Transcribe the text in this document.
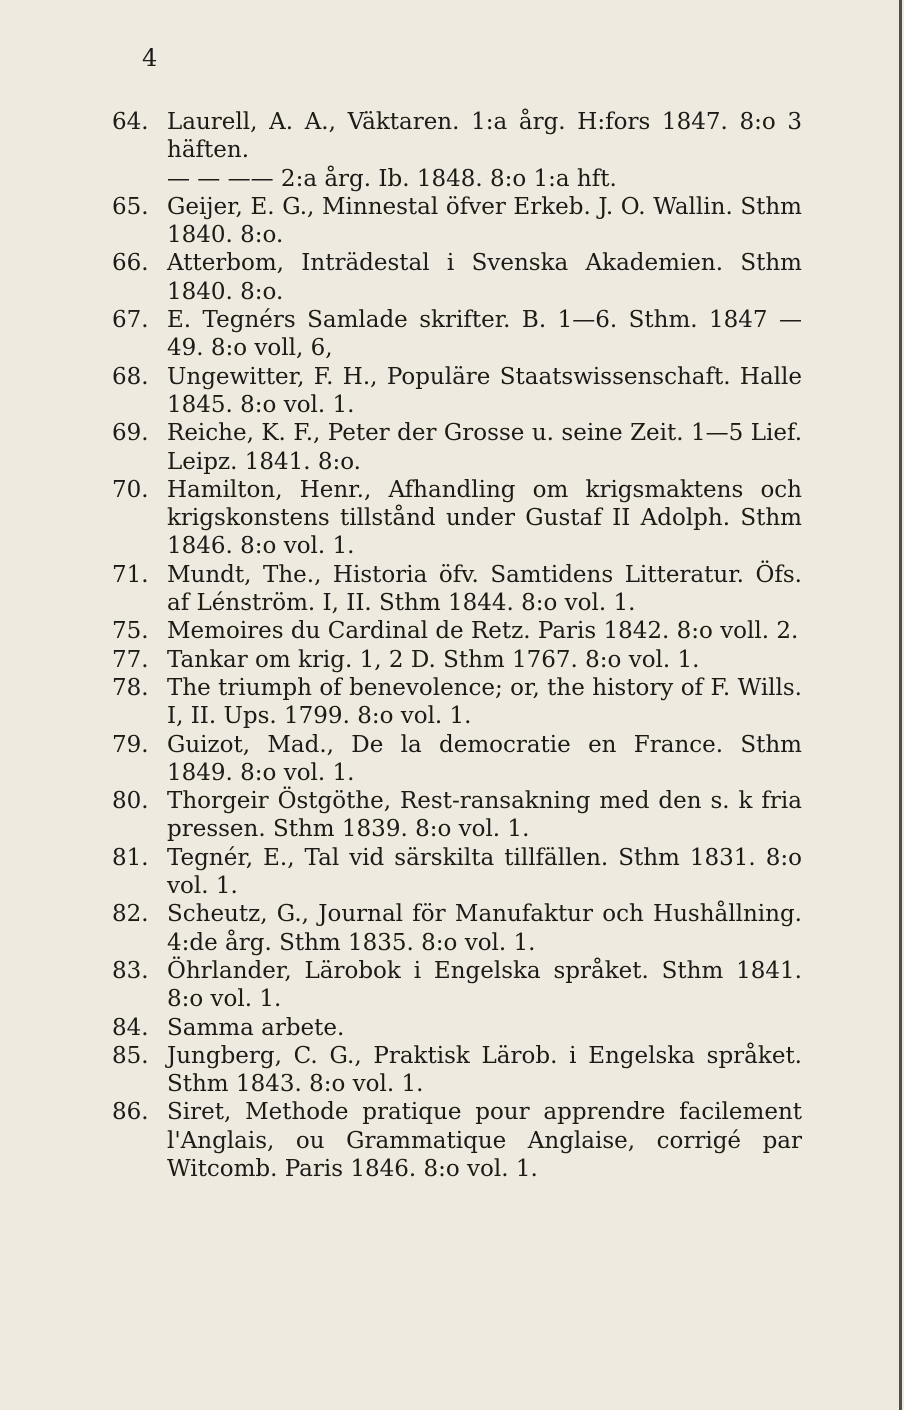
4
64. Laurell, A. A., Väktaren. 1:a årg. H:fors 1847. 8:o 3 häften.
— — —— 2:a årg. Ib. 1848. 8:o 1:a hft.
65. Geijer, E. G., Minnestal öfver Erkeb. J. O. Wallin. Sthm 1840. 8:o.
66. Atterbom, Inträdestal i Svenska Akademien. Sthm 1840. 8:o.
67. E. Tegnérs Samlade skrifter. B. 1—6. Sthm. 1847 —49. 8:o voll, 6,
68. Ungewitter, F. H., Populäre Staatswissenschaft. Halle 1845. 8:o vol. 1.
69. Reiche, K. F., Peter der Grosse u. seine Zeit. 1—5 Lief. Leipz. 1841. 8:o.
70. Hamilton, Henr., Afhandling om krigsmaktens och krigskonstens tillstånd under Gustaf II Adolph. Sthm 1846. 8:o vol. 1.
71. Mundt, The., Historia öfv. Samtidens Litteratur. Öfs. af Lénström. I, II. Sthm 1844. 8:o vol. 1.
75. Memoires du Cardinal de Retz. Paris 1842. 8:o voll. 2.
77. Tankar om krig. 1, 2 D. Sthm 1767. 8:o vol. 1.
78. The triumph of benevolence; or, the history of F. Wills. I, II. Ups. 1799. 8:o vol. 1.
79. Guizot, Mad., De la democratie en France. Sthm 1849. 8:o vol. 1.
80. Thorgeir Östgöthe, Rest-ransakning med den s. k fria pressen. Sthm 1839. 8:o vol. 1.
81. Tegnér, E., Tal vid särskilta tillfällen. Sthm 1831. 8:o vol. 1.
82. Scheutz, G., Journal för Manufaktur och Hushållning. 4:de årg. Sthm 1835. 8:o vol. 1.
83. Öhrlander, Lärobok i Engelska språket. Sthm 1841. 8:o vol. 1.
84. Samma arbete.
85. Jungberg, C. G., Praktisk Lärob. i Engelska språket. Sthm 1843. 8:o vol. 1.
86. Siret, Methode pratique pour apprendre facilement l'Anglais, ou Grammatique Anglaise, corrigé par Witcomb. Paris 1846. 8:o vol. 1.
